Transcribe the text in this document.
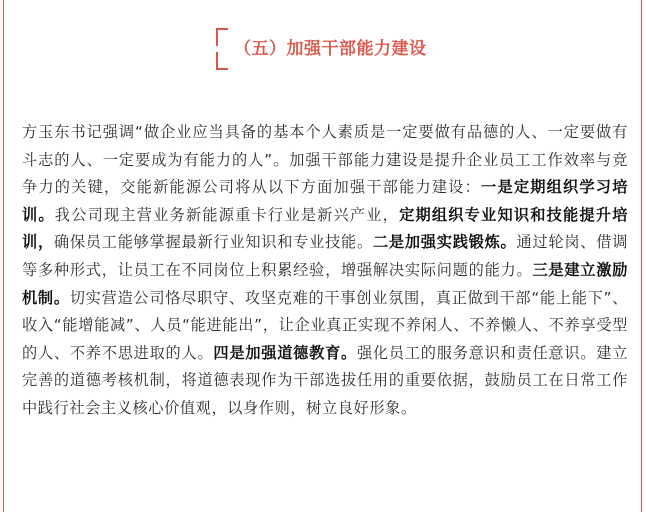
（五）加强干部能力建设

方玉东书记强调“做企业应当具备的基本个人素质是一定要做有品德的人、一定要做有斗志的人、一定要成为有能力的人”。加强干部能力建设是提升企业员工工作效率与竞争力的关键，交能新能源公司将从以下方面加强干部能力建设：一是定期组织学习培训。我公司现主营业务新能源重卡行业是新兴产业，定期组织专业知识和技能提升培训，确保员工能够掌握最新行业知识和专业技能。二是加强实践锻炼。通过轮岗、借调等多种形式，让员工在不同岗位上积累经验，增强解决实际问题的能力。三是建立激励机制。切实营造公司恪尽职守、攻坚克难的干事创业氛围，真正做到干部“能上能下”、收入“能增能减”、人员“能进能出”，让企业真正实现不养闲人、不养懒人、不养享受型的人、不养不思进取的人。四是加强道德教育。强化员工的服务意识和责任意识。建立完善的道德考核机制，将道德表现作为干部选拔任用的重要依据，鼓励员工在日常工作中践行社会主义核心价值观，以身作则，树立良好形象。
